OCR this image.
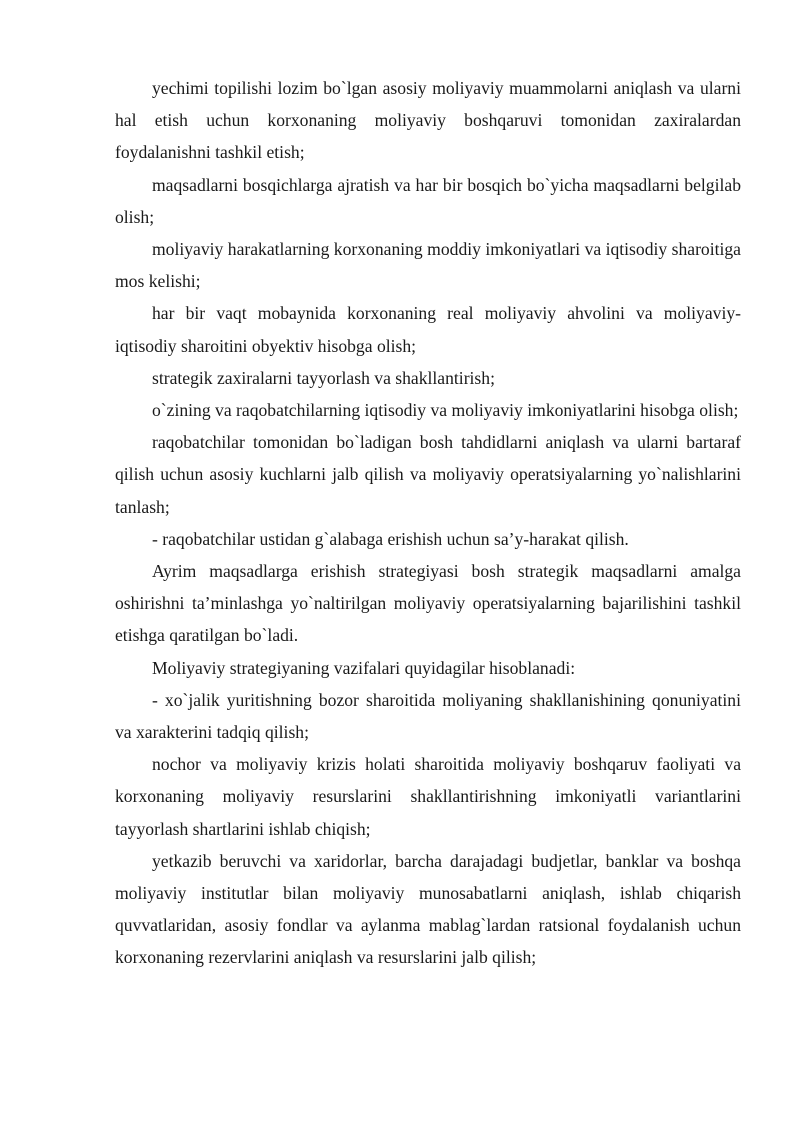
yechimi topilishi lozim bo`lgan asosiy moliyaviy muammolarni aniqlash va ularni hal etish uchun korxonaning moliyaviy boshqaruvi tomonidan zaxiralardan foydalanishni tashkil etish;

maqsadlarni bosqichlarga ajratish va har bir bosqich bo`yicha maqsadlarni belgilab olish;

moliyaviy harakatlarning korxonaning moddiy imkoniyatlari va iqtisodiy sharoitiga mos kelishi;

har bir vaqt mobaynida korxonaning real moliyaviy ahvolini va moliyaviy-iqtisodiy sharoitini obyektiv hisobga olish;

strategik zaxiralarni tayyorlash va shakllantirish;

o`zining va raqobatchilarning iqtisodiy va moliyaviy imkoniyatlarini hisobga olish;

raqobatchilar tomonidan bo`ladigan bosh tahdidlarni aniqlash va ularni bartaraf qilish uchun asosiy kuchlarni jalb qilish va moliyaviy operatsiyalarning yo`nalishlarini tanlash;

- raqobatchilar ustidan g`alabaga erishish uchun sa’y-harakat qilish.

Ayrim maqsadlarga erishish strategiyasi bosh strategik maqsadlarni amalga oshirishni ta’minlashga yo`naltirilgan moliyaviy operatsiyalarning bajarilishini tashkil etishga qaratilgan bo`ladi.

Moliyaviy strategiyaning vazifalari quyidagilar hisoblanadi:

- xo`jalik yuritishning bozor sharoitida moliyaning shakllanishining qonuniyatini va xarakterini tadqiq qilish;

nochor va moliyaviy krizis holati sharoitida moliyaviy boshqaruv faoliyati va korxonaning moliyaviy resurslarini shakllantirishning imkoniyatli variantlarini tayyorlash shartlarini ishlab chiqish;

yetkazib beruvchi va xaridorlar, barcha darajadagi budjetlar, banklar va boshqa moliyaviy institutlar bilan moliyaviy munosabatlarni aniqlash, ishlab chiqarish quvvatlaridan, asosiy fondlar va aylanma mablag`lardan ratsional foydalanish uchun korxonaning rezervlarini aniqlash va resurslarini jalb qilish;
